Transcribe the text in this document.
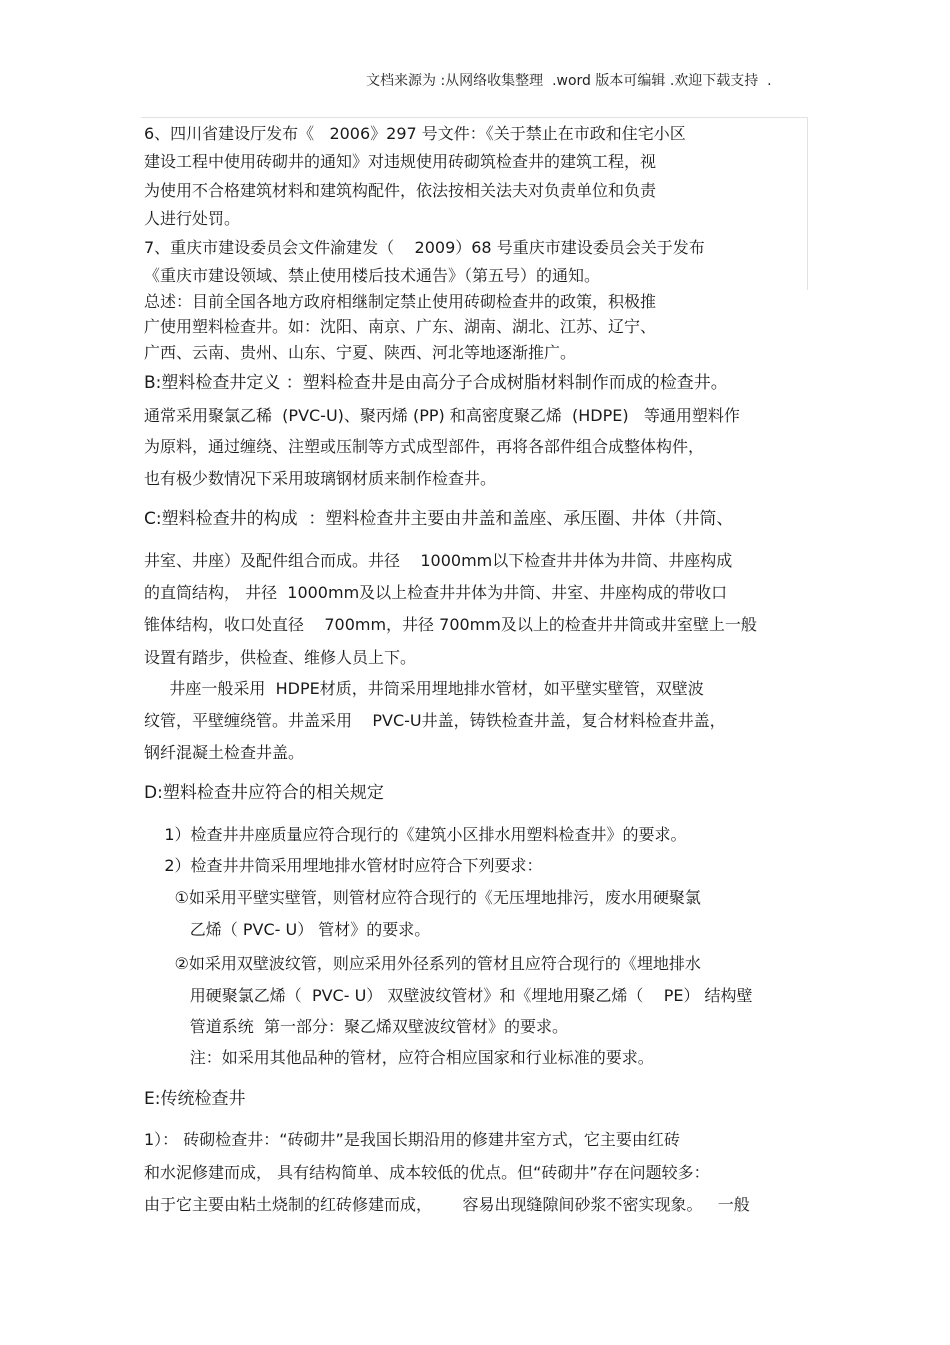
文档来源为 :从网络收集整理  .word 版本可编辑 .欢迎下载支持  .
6、四川省建设厅发布《   2006》297 号文件：《关于禁止在市政和住宅小区
建设工程中使用砖砌井的通知》对违规使用砖砌筑检查井的建筑工程，视
为使用不合格建筑材料和建筑构配件，依法按相关法夫对负责单位和负责
人进行处罚。
7、重庆市建设委员会文件渝建发（    2009）68 号重庆市建设委员会关于发布
《重庆市建设领域、禁止使用楼后技术通告》（第五号）的通知。
总述：目前全国各地方政府相继制定禁止使用砖砌检查井的政策，积极推
广使用塑料检查井。如：沈阳、南京、广东、湖南、湖北、江苏、辽宁、
广西、云南、贵州、山东、宁夏、陕西、河北等地逐渐推广。
B:塑料检查井定义 ：塑料检查井是由高分子合成树脂材料制作而成的检查井。
通常采用聚氯乙稀  (PVC-U)、聚丙烯 (PP) 和高密度聚乙烯  (HDPE)   等通用塑料作
为原料，通过缠绕、注塑或压制等方式成型部件，再将各部件组合成整体构件，
也有极少数情况下采用玻璃钢材质来制作检查井。
C:塑料检查井的构成  ：塑料检查井主要由井盖和盖座、承压圈、井体（井筒、
井室、井座）及配件组合而成。井径    1000mm以下检查井井体为井筒、井座构成
的直筒结构， 井径  1000mm及以上检查井井体为井筒、井室、井座构成的带收口
锥体结构，收口处直径    700mm，井径 700mm及以上的检查井井筒或井室壁上一般
设置有踏步，供检查、维修人员上下。
井座一般采用  HDPE材质，井筒采用埋地排水管材，如平壁实壁管，双壁波
纹管，平壁缠绕管。井盖采用    PVC-U井盖，铸铁检查井盖，复合材料检查井盖，
钢纤混凝土检查井盖。
D:塑料检查井应符合的相关规定
1）检查井井座质量应符合现行的《建筑小区排水用塑料检查井》的要求。
2）检查井井筒采用埋地排水管材时应符合下列要求：
①如采用平壁实壁管，则管材应符合现行的《无压埋地排污，废水用硬聚氯
乙烯（ PVC- U） 管材》的要求。
②如采用双壁波纹管，则应采用外径系列的管材且应符合现行的《埋地排水
用硬聚氯乙烯（  PVC- U） 双壁波纹管材》和《埋地用聚乙烯（    PE） 结构壁
管道系统  第一部分：聚乙烯双壁波纹管材》的要求。
注：如采用其他品种的管材，应符合相应国家和行业标准的要求。
E:传统检查井
1）： 砖砌检查井：“砖砌井”是我国长期沿用的修建井室方式，它主要由红砖
和水泥修建而成， 具有结构简单、成本较低的优点。但“砖砌井”存在问题较多：
由于它主要由粘土烧制的红砖修建而成，      容易出现缝隙间砂浆不密实现象。   一般
